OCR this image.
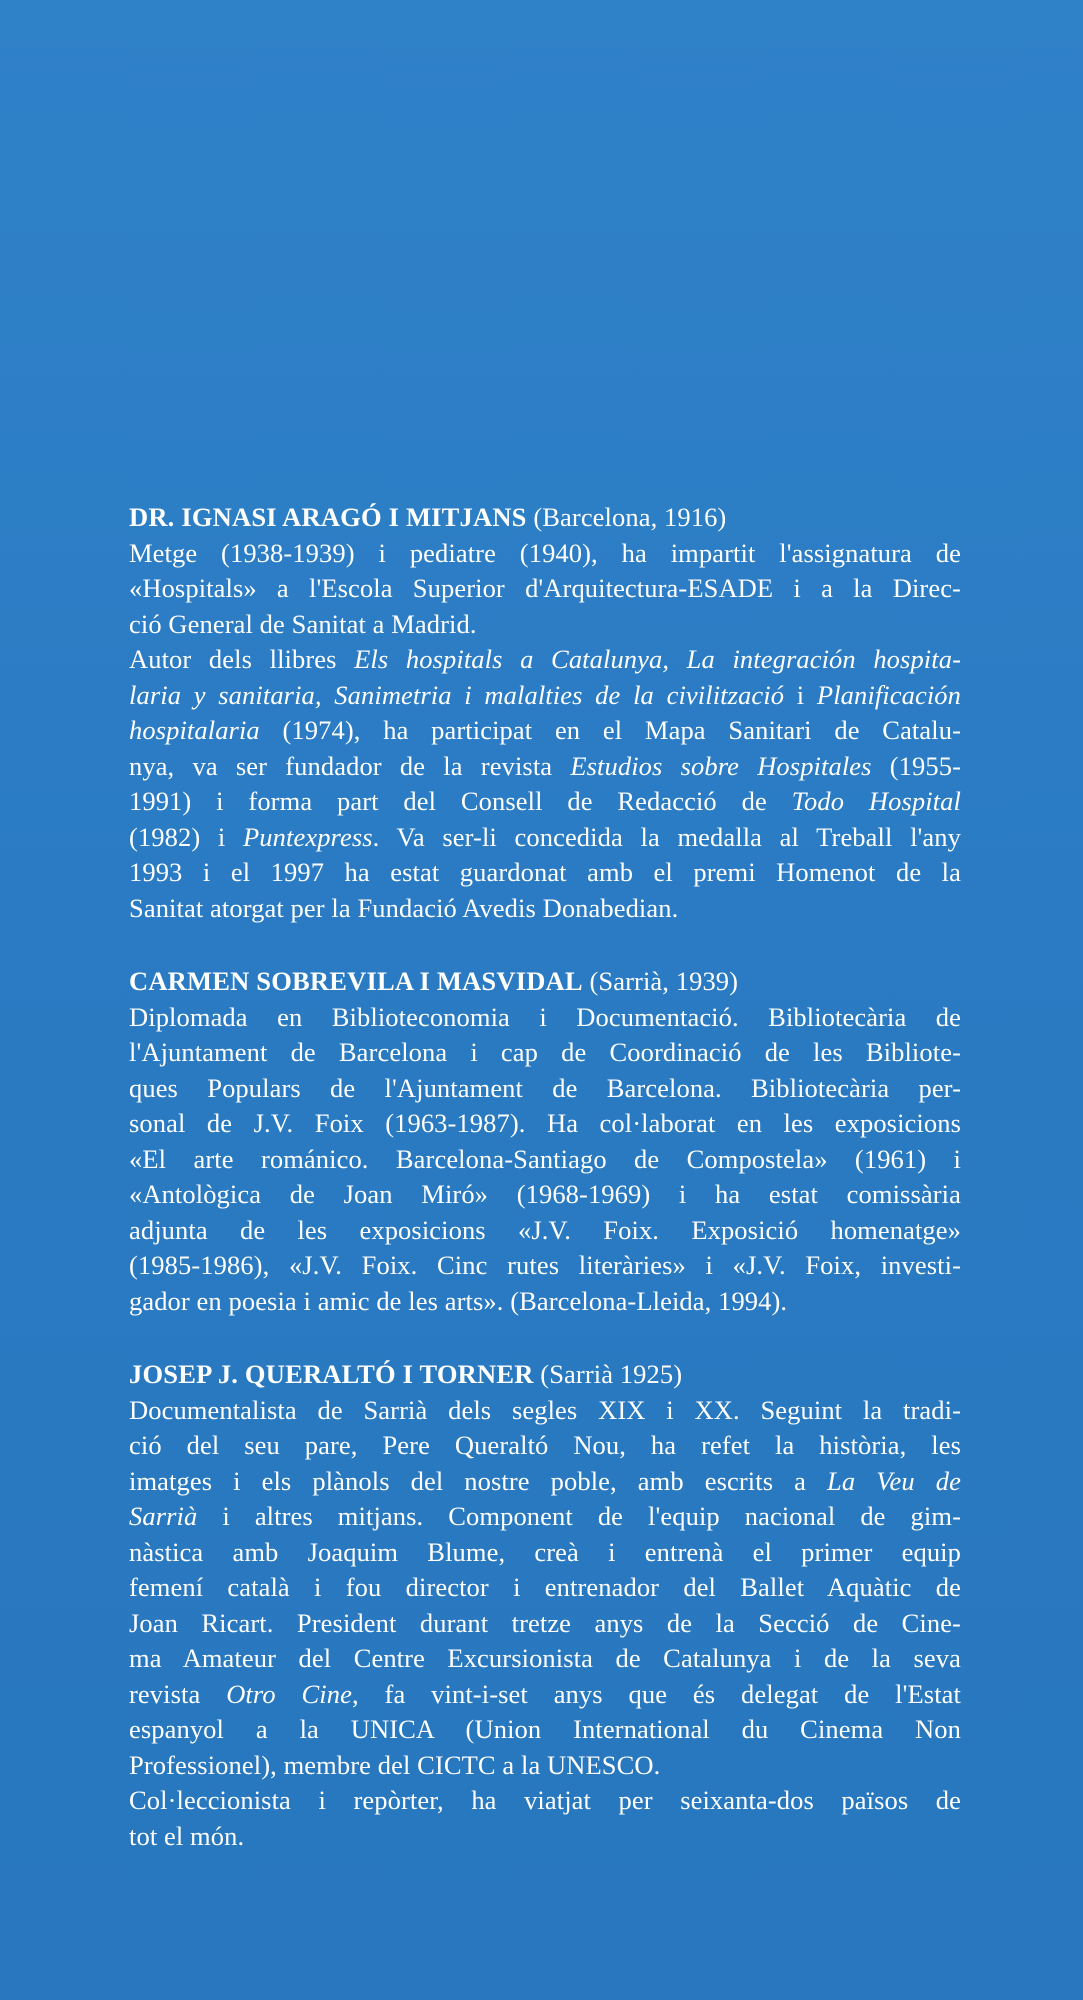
DR. IGNASI ARAGÓ I MITJANS (Barcelona, 1916)
Metge (1938-1939) i pediatre (1940), ha impartit l'assignatura de
«Hospitals» a l'Escola Superior d'Arquitectura-ESADE i a la Direc-
ció General de Sanitat a Madrid.
Autor dels llibres Els hospitals a Catalunya, La integración hospita-
laria y sanitaria, Sanimetria i malalties de la civilització i Planificación
hospitalaria (1974), ha participat en el Mapa Sanitari de Catalu-
nya, va ser fundador de la revista Estudios sobre Hospitales (1955-
1991) i forma part del Consell de Redacció de Todo Hospital
(1982) i Puntexpress. Va ser-li concedida la medalla al Treball l'any
1993 i el 1997 ha estat guardonat amb el premi Homenot de la
Sanitat atorgat per la Fundació Avedis Donabedian.
CARMEN SOBREVILA I MASVIDAL (Sarrià, 1939)
Diplomada en Biblioteconomia i Documentació. Bibliotecària de
l'Ajuntament de Barcelona i cap de Coordinació de les Bibliote-
ques Populars de l'Ajuntament de Barcelona. Bibliotecària per-
sonal de J.V. Foix (1963-1987). Ha col·laborat en les exposicions
«El arte románico. Barcelona-Santiago de Compostela» (1961) i
«Antològica de Joan Miró» (1968-1969) i ha estat comissària
adjunta de les exposicions «J.V. Foix. Exposició homenatge»
(1985-1986), «J.V. Foix. Cinc rutes literàries» i «J.V. Foix, investi-
gador en poesia i amic de les arts». (Barcelona-Lleida, 1994).
JOSEP J. QUERALTÓ I TORNER (Sarrià 1925)
Documentalista de Sarrià dels segles XIX i XX. Seguint la tradi-
ció del seu pare, Pere Queraltó Nou, ha refet la història, les
imatges i els plànols del nostre poble, amb escrits a La Veu de
Sarrià i altres mitjans. Component de l'equip nacional de gim-
nàstica amb Joaquim Blume, creà i entrenà el primer equip
femení català i fou director i entrenador del Ballet Aquàtic de
Joan Ricart. President durant tretze anys de la Secció de Cine-
ma Amateur del Centre Excursionista de Catalunya i de la seva
revista Otro Cine, fa vint-i-set anys que és delegat de l'Estat
espanyol a la UNICA (Union International du Cinema Non
Professionel), membre del CICTC a la UNESCO.
Col·leccionista i repòrter, ha viatjat per seixanta-dos països de
tot el món.
